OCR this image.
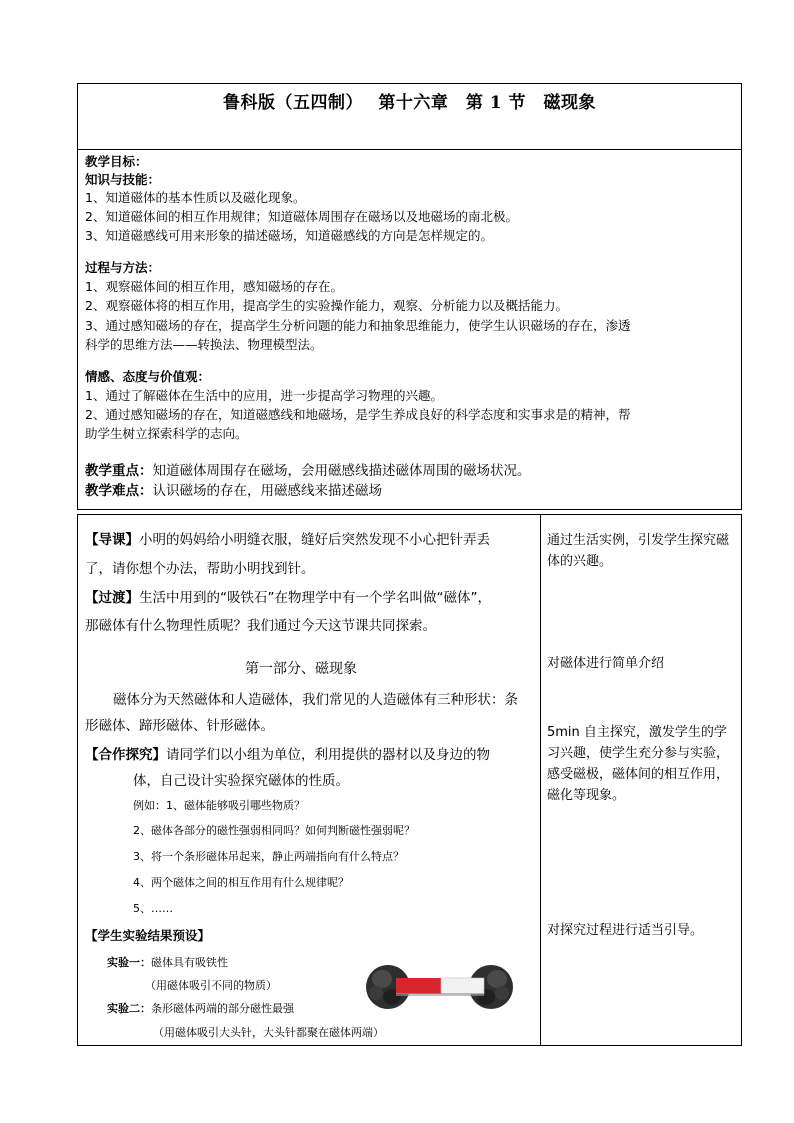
鲁科版（五四制）　 第十六章　第 1 节　磁现象
教学目标：
知识与技能：
1、知道磁体的基本性质以及磁化现象。
2、知道磁体间的相互作用规律；知道磁体周围存在磁场以及地磁场的南北极。
3、知道磁感线可用来形象的描述磁场，知道磁感线的方向是怎样规定的。
过程与方法：
1、观察磁体间的相互作用，感知磁场的存在。
2、观察磁体将的相互作用，提高学生的实验操作能力，观察、分析能力以及概括能力。
3、通过感知磁场的存在，提高学生分析问题的能力和抽象思维能力，使学生认识磁场的存在，渗透
科学的思维方法——转换法、物理模型法。
情感、态度与价值观：
1、通过了解磁体在生活中的应用，进一步提高学习物理的兴趣。
2、通过感知磁场的存在，知道磁感线和地磁场，是学生养成良好的科学态度和实事求是的精神，帮
助学生树立探索科学的志向。
教学重点：知道磁体周围存在磁场，会用磁感线描述磁体周围的磁场状况。
教学难点：认识磁场的存在，用磁感线来描述磁场
【导课】小明的妈妈给小明缝衣服，缝好后突然发现不小心把针弄丢
了，请你想个办法，帮助小明找到针。
【过渡】生活中用到的“吸铁石”在物理学中有一个学名叫做“磁体”，
那磁体有什么物理性质呢？我们通过今天这节课共同探索。
第一部分、磁现象
磁体分为天然磁体和人造磁体，我们常见的人造磁体有三种形状：条
形磁体、蹄形磁体、针形磁体。
【合作探究】请同学们以小组为单位，利用提供的器材以及身边的物
体，自己设计实验探究磁体的性质。
例如：1、磁体能够吸引哪些物质？
2、磁体各部分的磁性强弱相同吗？如何判断磁性强弱呢？
3、将一个条形磁体吊起来，静止两端指向有什么特点？
4、两个磁体之间的相互作用有什么规律呢？
5、……
【学生实验结果预设】
实验一：磁体具有吸铁性
（用磁体吸引不同的物质）
实验二：条形磁体两端的部分磁性最强
（用磁体吸引大头针，大头针都聚在磁体两端）
通过生活实例，引发学生探究磁体的兴趣。
对磁体进行简单介绍
5min 自主探究，激发学生的学习兴趣，使学生充分参与实验，感受磁极，磁体间的相互作用，磁化等现象。
对探究过程进行适当引导。
